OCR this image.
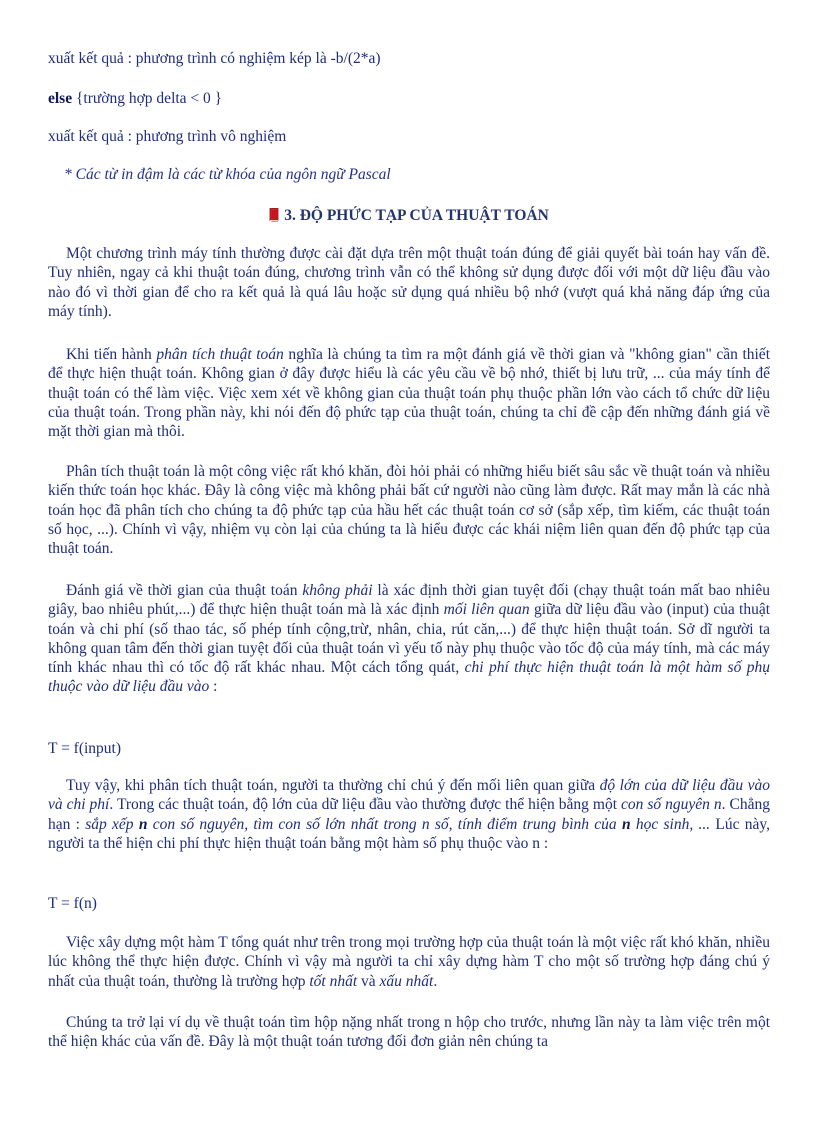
xuất kết quả : phương trình có nghiệm kép là -b/(2*a)
else {trường hợp delta < 0 }
xuất kết quả : phương trình vô nghiệm
* Các từ in đậm là các từ khóa của ngôn ngữ Pascal
3. ĐỘ PHỨC TẠP CỦA THUẬT TOÁN
Một chương trình máy tính thường được cài đặt dựa trên một thuật toán đúng để giải quyết bài toán hay vấn đề. Tuy nhiên, ngay cả khi thuật toán đúng, chương trình vẫn có thể không sử dụng được đối với một dữ liệu đầu vào nào đó vì thời gian để cho ra kết quả là quá lâu hoặc sử dụng quá nhiều bộ nhớ (vượt quá khả năng đáp ứng của máy tính).
Khi tiến hành phân tích thuật toán nghĩa là chúng ta tìm ra một đánh giá về thời gian và "không gian" cần thiết để thực hiện thuật toán. Không gian ở đây được hiểu là các yêu cầu về bộ nhớ, thiết bị lưu trữ, ... của máy tính để thuật toán có thể làm việc. Việc xem xét về không gian của thuật toán phụ thuộc phần lớn vào cách tổ chức dữ liệu của thuật toán. Trong phần này, khi nói đến độ phức tạp của thuật toán, chúng ta chỉ đề cập đến những đánh giá về mặt thời gian mà thôi.
Phân tích thuật toán là một công việc rất khó khăn, đòi hỏi phải có những hiểu biết sâu sắc về thuật toán và nhiều kiến thức toán học khác. Đây là công việc mà không phải bất cứ người nào cũng làm được. Rất may mắn là các nhà toán học đã phân tích cho chúng ta độ phức tạp của hầu hết các thuật toán cơ sở (sắp xếp, tìm kiếm, các thuật toán số học, ...). Chính vì vậy, nhiệm vụ còn lại của chúng ta là hiểu được các khái niệm liên quan đến độ phức tạp của thuật toán.
Đánh giá về thời gian của thuật toán không phải là xác định thời gian tuyệt đối (chạy thuật toán mất bao nhiêu giây, bao nhiêu phút,...) để thực hiện thuật toán mà là xác định mối liên quan giữa dữ liệu đầu vào (input) của thuật toán và chi phí (số thao tác, số phép tính cộng,trừ, nhân, chia, rút căn,...) để thực hiện thuật toán. Sở dĩ người ta không quan tâm đến thời gian tuyệt đối của thuật toán vì yếu tố này phụ thuộc vào tốc độ của máy tính, mà các máy tính khác nhau thì có tốc độ rất khác nhau. Một cách tổng quát, chi phí thực hiện thuật toán là một hàm số phụ thuộc vào dữ liệu đầu vào :
T = f(input)
Tuy vậy, khi phân tích thuật toán, người ta thường chỉ chú ý đến mối liên quan giữa độ lớn của dữ liệu đầu vào và chi phí. Trong các thuật toán, độ lớn của dữ liệu đầu vào thường được thể hiện bằng một con số nguyên n. Chẳng hạn : sắp xếp n con số nguyên, tìm con số lớn nhất trong n số, tính điểm trung bình của n học sinh, ... Lúc này, người ta thể hiện chi phí thực hiện thuật toán bằng một hàm số phụ thuộc vào n :
T = f(n)
Việc xây dựng một hàm T tổng quát như trên trong mọi trường hợp của thuật toán là một việc rất khó khăn, nhiều lúc không thể thực hiện được. Chính vì vậy mà người ta chỉ xây dựng hàm T cho một số trường hợp đáng chú ý nhất của thuật toán, thường là trường hợp tốt nhất và xấu nhất.
Chúng ta trở lại ví dụ về thuật toán tìm hộp nặng nhất trong n hộp cho trước, nhưng lần này ta làm việc trên một thể hiện khác của vấn đề. Đây là một thuật toán tương đối đơn giản nên chúng ta
